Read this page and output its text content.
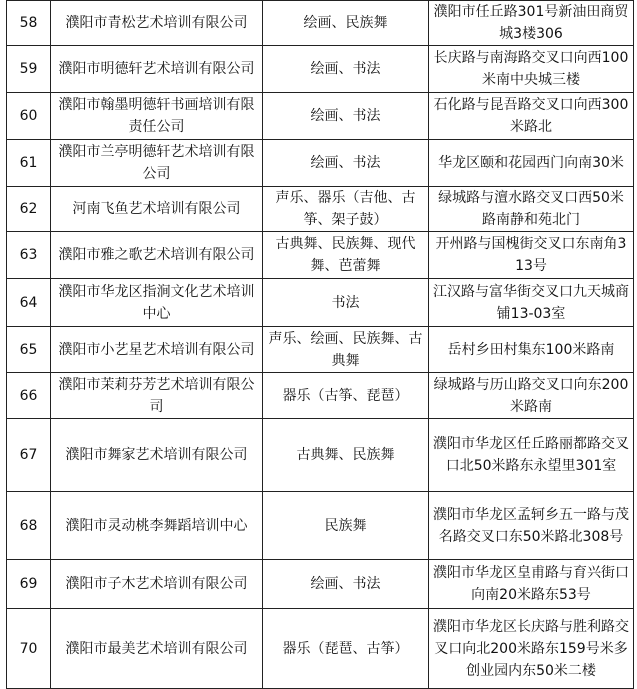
58	濮阳市青松艺术培训有限公司	绘画、民族舞	濮阳市任丘路301号新油田商贸城3楼306
59	濮阳市明德轩艺术培训有限公司	绘画、书法	长庆路与南海路交叉口向西100米南中央城三楼
60	濮阳市翰墨明德轩书画培训有限责任公司	绘画、书法	石化路与昆吾路交叉口向西300米路北
61	濮阳市兰亭明德轩艺术培训有限公司	绘画、书法	华龙区颐和花园西门向南30米
62	河南飞鱼艺术培训有限公司	声乐、器乐（吉他、古筝、架子鼓）	绿城路与澶水路交叉口西50米路南静和苑北门
63	濮阳市雅之歌艺术培训有限公司	古典舞、民族舞、现代舞、芭蕾舞	开州路与国槐街交叉口东南角313号
64	濮阳市华龙区指涧文化艺术培训中心	书法	江汉路与富华街交叉口九天城商铺13-03室
65	濮阳市小艺星艺术培训有限公司	声乐、绘画、民族舞、古典舞	岳村乡田村集东100米路南
66	濮阳市茉莉芬芳艺术培训有限公司	器乐（古筝、琵琶）	绿城路与历山路交叉口向东200米路南
67	濮阳市舞家艺术培训有限公司	古典舞、民族舞	濮阳市华龙区任丘路丽都路交叉口北50米路东永望里301室
68	濮阳市灵动桃李舞蹈培训中心	民族舞	濮阳市华龙区孟轲乡五一路与茂名路交叉口东50米路北308号
69	濮阳市子木艺术培训有限公司	绘画、书法	濮阳市华龙区皇甫路与育兴街口向南20米路东53号
70	濮阳市最美艺术培训有限公司	器乐（琵琶、古筝）	濮阳市华龙区长庆路与胜利路交叉口向北200米路东159号米多创业园内东50米二楼
